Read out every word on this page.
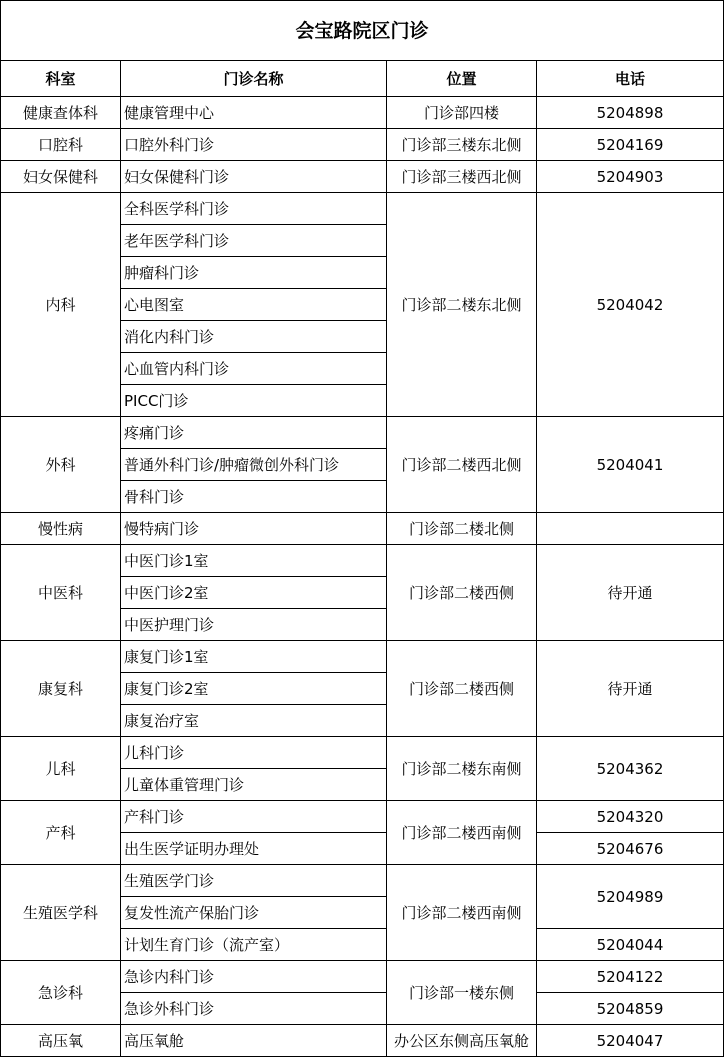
会宝路院区门诊			
科室	门诊名称	位置	电话
健康查体科	健康管理中心	门诊部四楼	5204898
口腔科	口腔外科门诊	门诊部三楼东北侧	5204169
妇女保健科	妇女保健科门诊	门诊部三楼西北侧	5204903
内科	全科医学科门诊	门诊部二楼东北侧	5204042
	老年医学科门诊		
	肿瘤科门诊		
	心电图室		
	消化内科门诊		
	心血管内科门诊		
	PICC门诊		
外科	疼痛门诊	门诊部二楼西北侧	5204041
	普通外科门诊/肿瘤微创外科门诊		
	骨科门诊		
慢性病	慢特病门诊	门诊部二楼北侧	
中医科	中医门诊1室	门诊部二楼西侧	待开通
	中医门诊2室		
	中医护理门诊		
康复科	康复门诊1室	门诊部二楼西侧	待开通
	康复门诊2室		
	康复治疗室		
儿科	儿科门诊	门诊部二楼东南侧	5204362
	儿童体重管理门诊		
产科	产科门诊	门诊部二楼西南侧	5204320
	出生医学证明办理处		5204676
生殖医学科	生殖医学门诊	门诊部二楼西南侧	5204989
	复发性流产保胎门诊		
	计划生育门诊（流产室）		5204044
急诊科	急诊内科门诊	门诊部一楼东侧	5204122
	急诊外科门诊		5204859
高压氧	高压氧舱	办公区东侧高压氧舱	5204047
